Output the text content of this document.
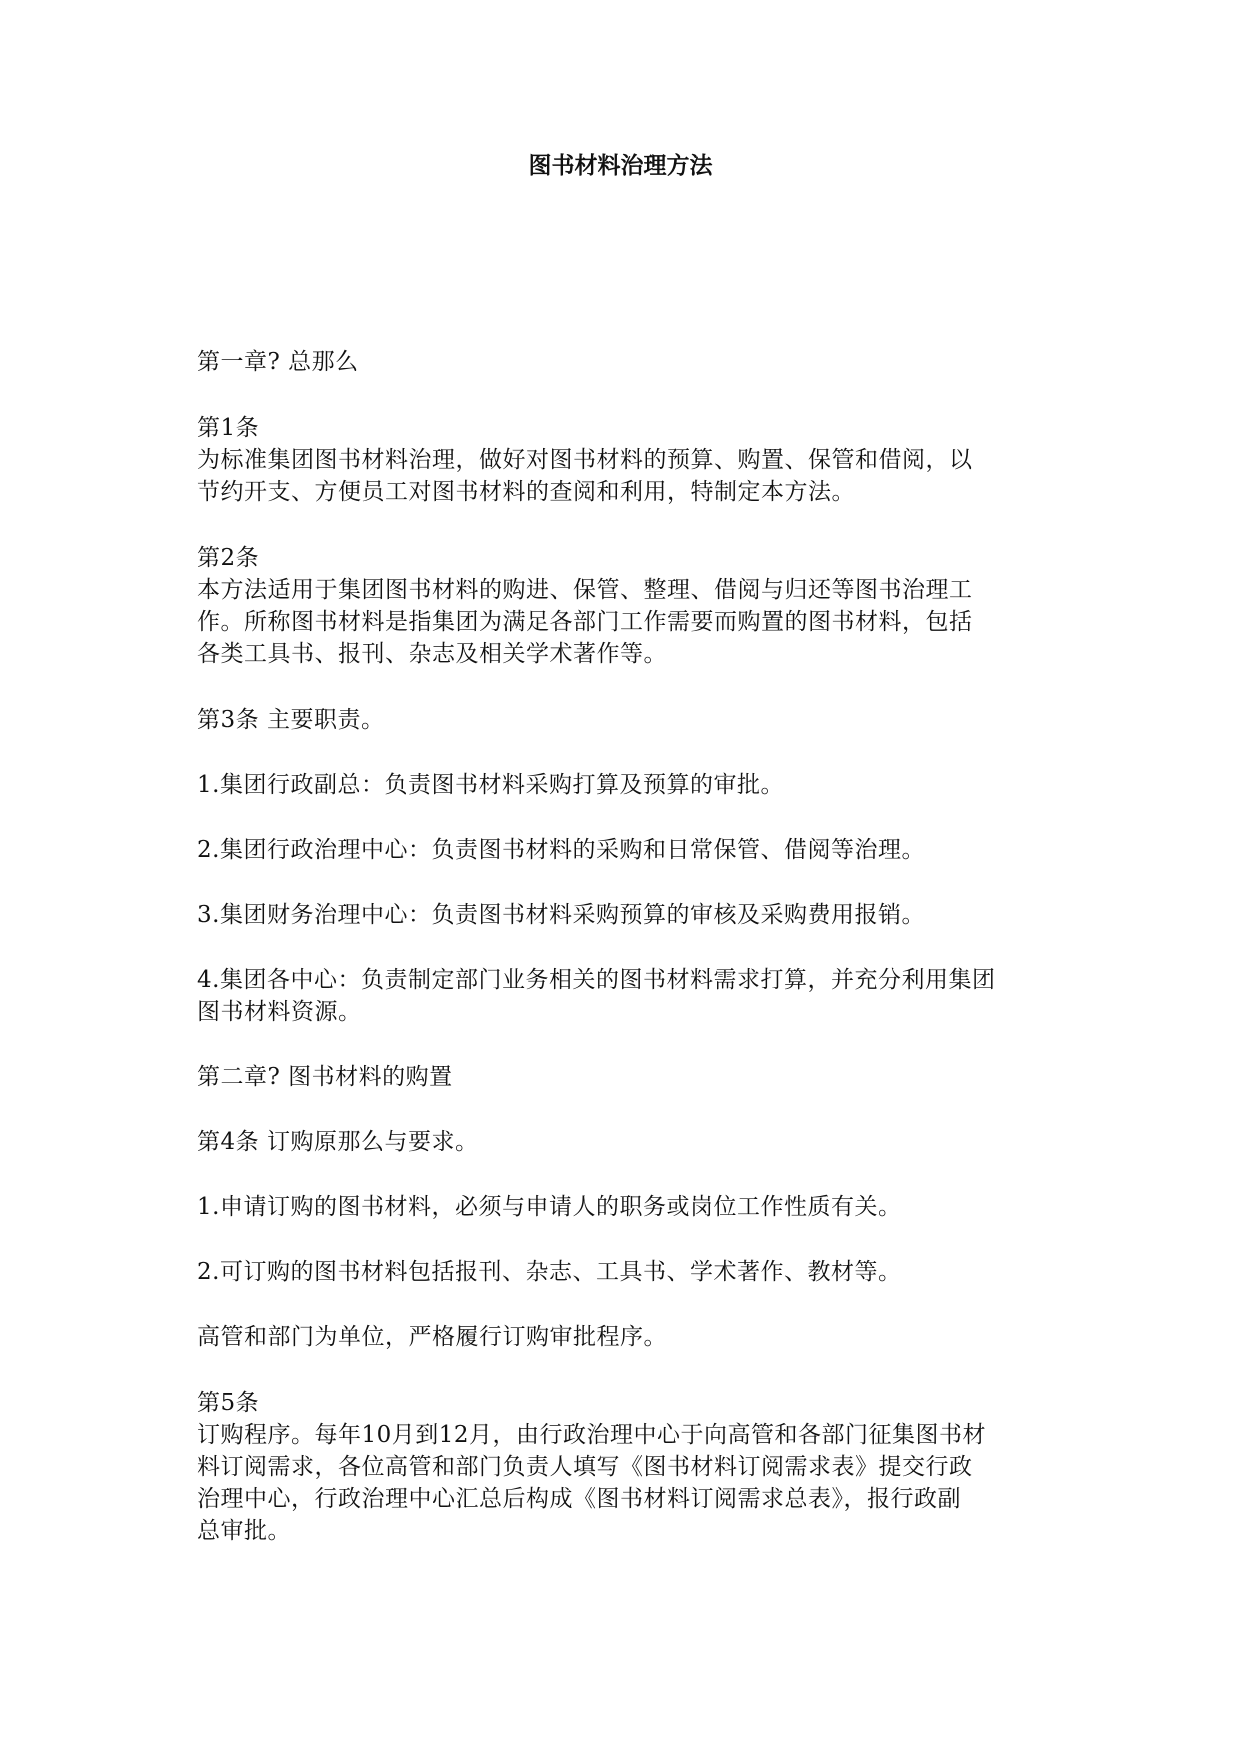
图书材料治理方法
第一章? 总那么
第1条
为标准集团图书材料治理，做好对图书材料的预算、购置、保管和借阅，以
节约开支、方便员工对图书材料的查阅和利用，特制定本方法。
第2条
本方法适用于集团图书材料的购进、保管、整理、借阅与归还等图书治理工
作。所称图书材料是指集团为满足各部门工作需要而购置的图书材料，包括
各类工具书、报刊、杂志及相关学术著作等。
第3条 主要职责。
1.集团行政副总：负责图书材料采购打算及预算的审批。
2.集团行政治理中心：负责图书材料的采购和日常保管、借阅等治理。
3.集团财务治理中心：负责图书材料采购预算的审核及采购费用报销。
4.集团各中心：负责制定部门业务相关的图书材料需求打算，并充分利用集团
图书材料资源。
第二章? 图书材料的购置
第4条 订购原那么与要求。
1.申请订购的图书材料，必须与申请人的职务或岗位工作性质有关。
2.可订购的图书材料包括报刊、杂志、工具书、学术著作、教材等。
高管和部门为单位，严格履行订购审批程序。
第5条
订购程序。每年10月到12月，由行政治理中心于向高管和各部门征集图书材
料订阅需求，各位高管和部门负责人填写《图书材料订阅需求表》提交行政
治理中心，行政治理中心汇总后构成《图书材料订阅需求总表》，报行政副
总审批。
